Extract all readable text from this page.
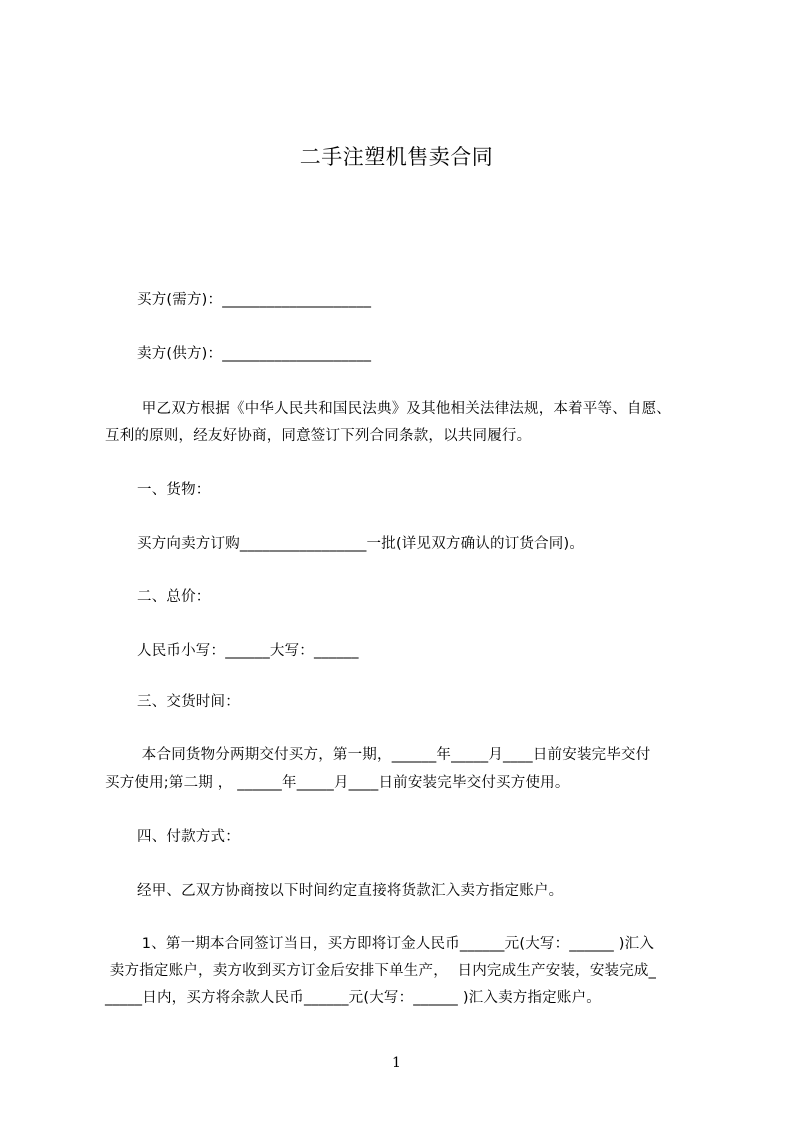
二手注塑机售卖合同
买方(需方)：____________________
卖方(供方)：____________________
甲乙双方根据《中华人民共和国民法典》及其他相关法律法规，本着平等、自愿、
互利的原则，经友好协商，同意签订下列合同条款，以共同履行。
一、货物：
买方向卖方订购_________________一批(详见双方确认的订货合同)。
二、总价：
人民币小写：______大写：______
三、交货时间：
本合同货物分两期交付买方，第一期，______年_____月____日前安装完毕交付
买方使用;第二期 ， ______年_____月____日前安装完毕交付买方使用。
四、付款方式：
经甲、乙双方协商按以下时间约定直接将货款汇入卖方指定账户。
1、第一期本合同签订当日，买方即将订金人民币______元(大写：______ )汇入
卖方指定账户，卖方收到买方订金后安排下单生产，  日内完成生产安装，安装完成_
_____日内，买方将余款人民币______元(大写：______ )汇入卖方指定账户。
1
